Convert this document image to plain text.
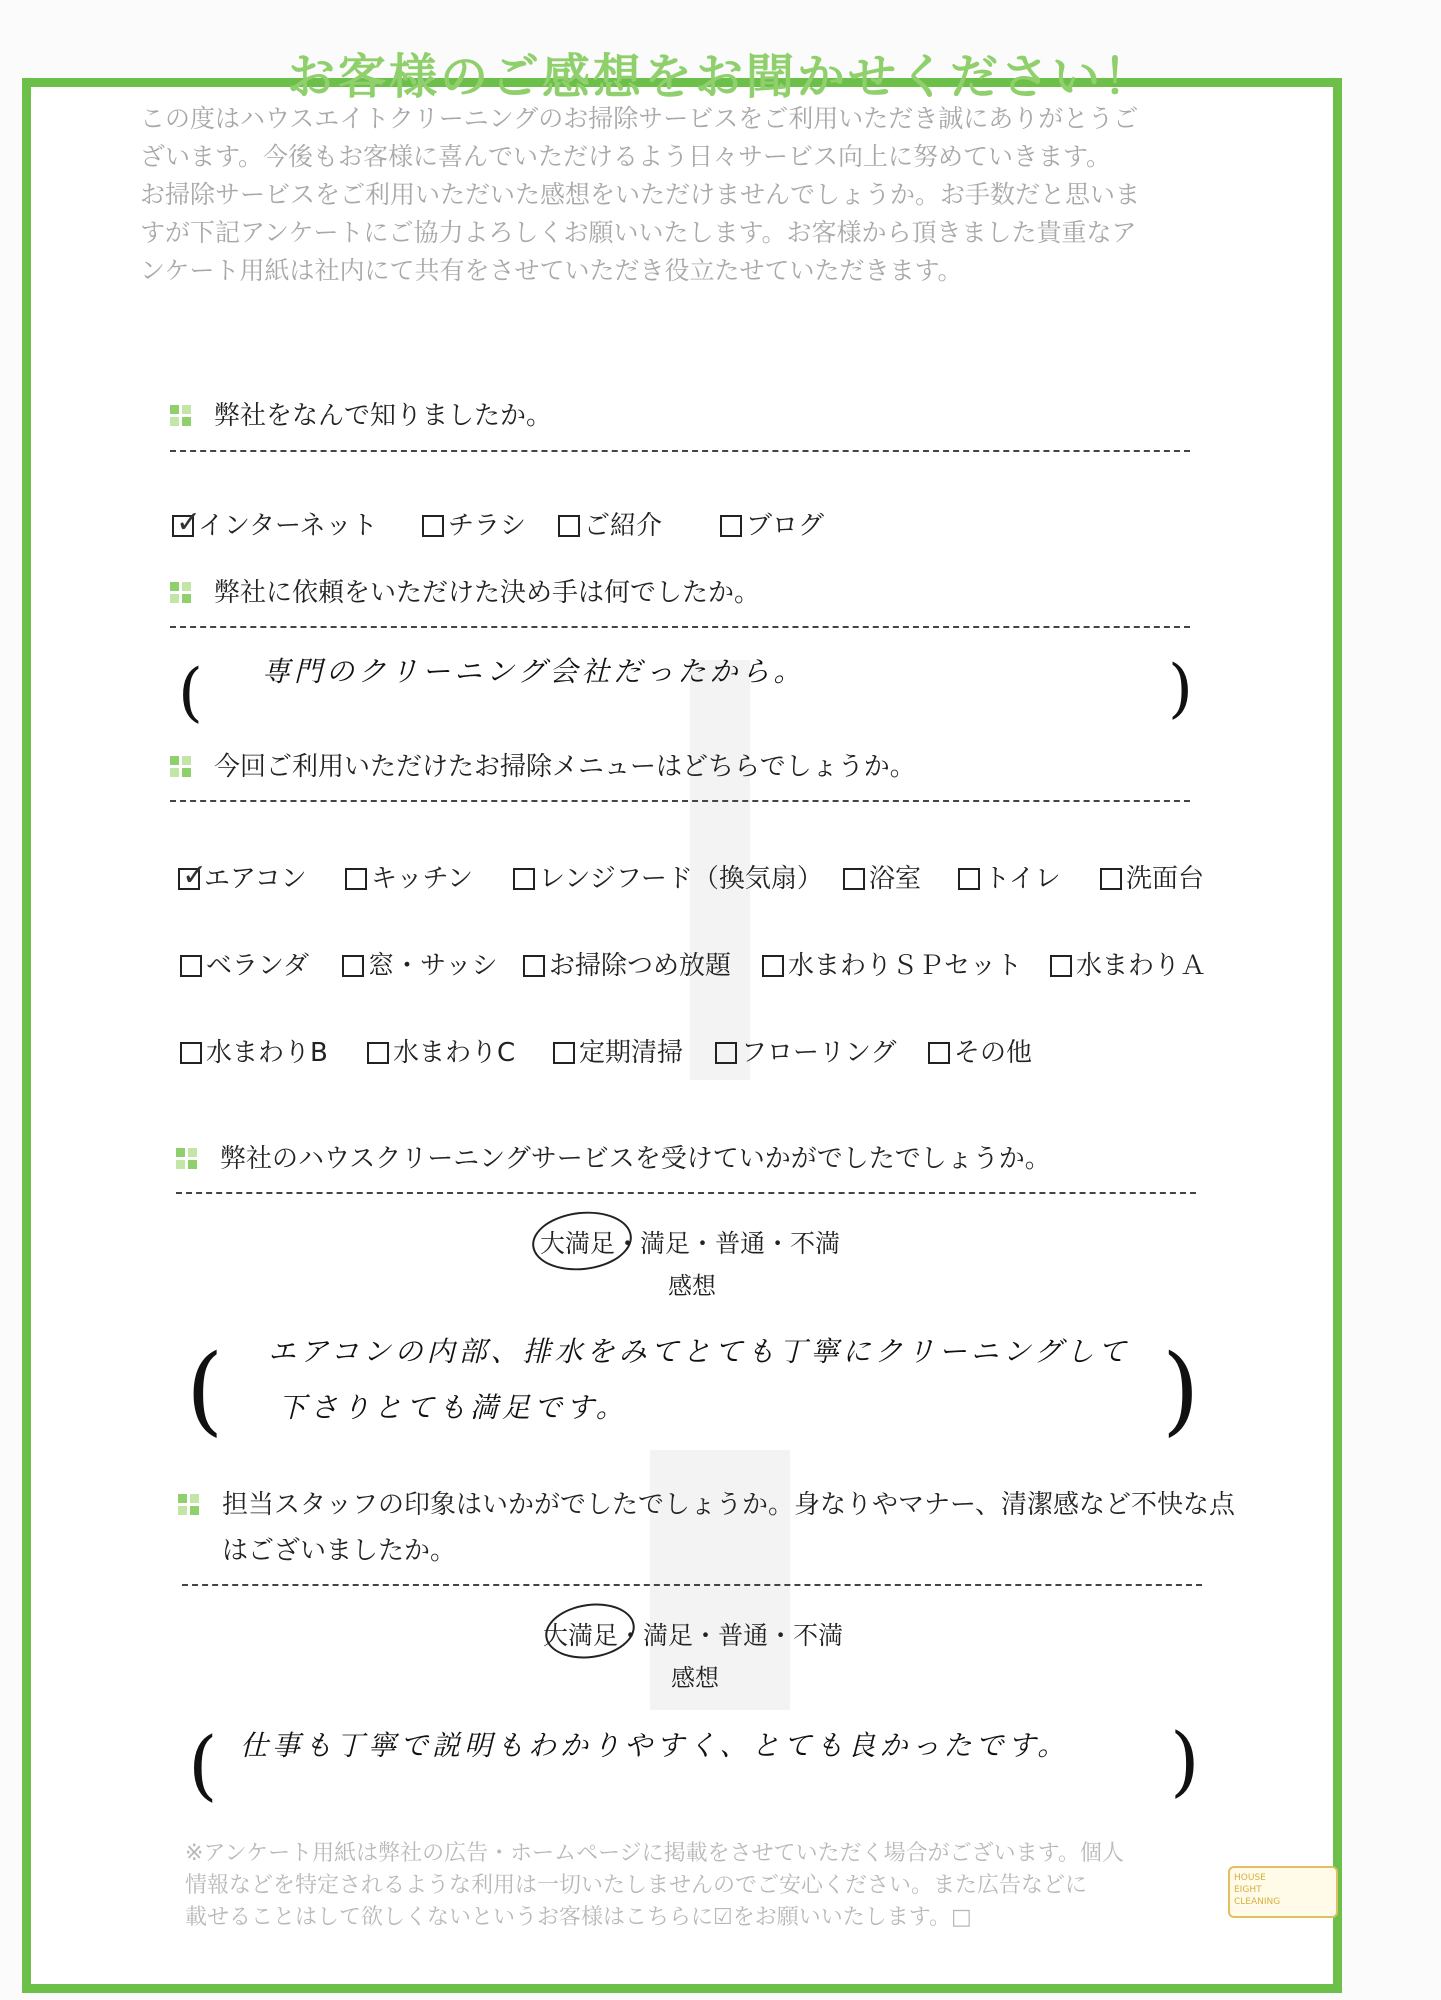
お客様のご感想をお聞かせください！
この度はハウスエイトクリーニングのお掃除サービスをご利用いただき誠にありがとうご
ざいます。今後もお客様に喜んでいただけるよう日々サービス向上に努めていきます。
お掃除サービスをご利用いただいた感想をいただけませんでしょうか。お手数だと思いま
すが下記アンケートにご協力よろしくお願いいたします。お客様から頂きました貴重なア
ンケート用紙は社内にて共有をさせていただき役立たせていただきます。
弊社をなんで知りましたか。
✓
インターネット	チラシ	ご紹介	ブログ
弊社に依頼をいただけた決め手は何でしたか。
( 専門のクリーニング会社だったから。	)
今回ご利用いただけたお掃除メニューはどちらでしょうか。
✓
エアコン	キッチン	レンジフード（換気扇）	浴室	トイレ	洗面台
ベランダ	窓・サッシ	お掃除つめ放題	水まわりＳＰセット	水まわりＡ
水まわりB	水まわりC	定期清掃	フローリング	その他
弊社のハウスクリーニングサービスを受けていかがでしたでしょうか。
大満足・満足・普通・不満
感想
( エアコンの内部、排水をみてとても丁寧にクリーニングして
下さりとても満足です。	)
担当スタッフの印象はいかがでしたでしょうか。身なりやマナー、清潔感など不快な点
はございましたか。
大満足・満足・普通・不満
感想
( 仕事も丁寧で説明もわかりやすく、とても良かったです。 )
※アンケート用紙は弊社の広告・ホームページに掲載をさせていただく場合がございます。個人
情報などを特定されるような利用は一切いたしませんのでご安心ください。また広告などに
載せることはして欲しくないというお客様はこちらに☑をお願いいたします。□
HOUSE
EIGHT
CLEANING
